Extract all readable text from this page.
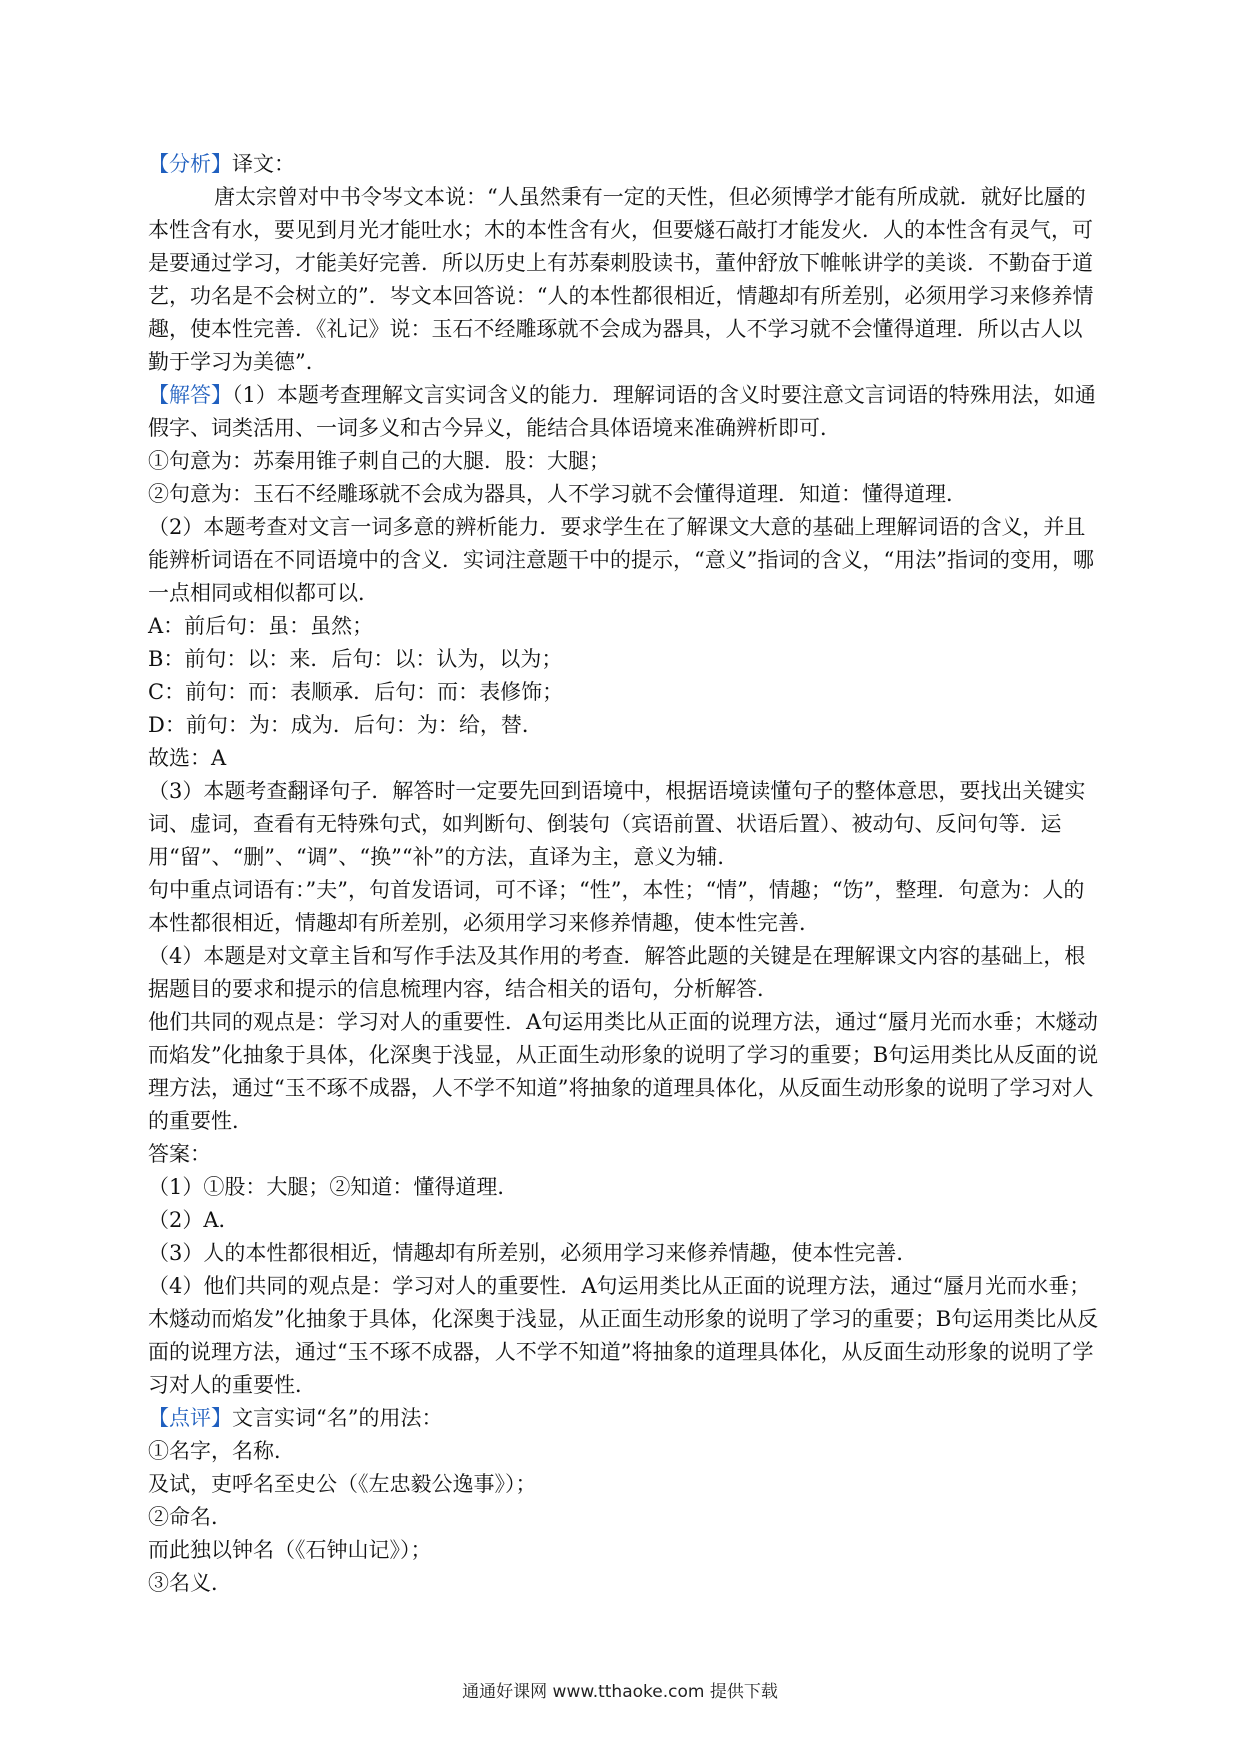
【分析】译文：

唐太宗曾对中书令岑文本说：“人虽然秉有一定的天性，但必须博学才能有所成就．就好比蜃的本性含有水，要见到月光才能吐水；木的本性含有火，但要燧石敲打才能发火．人的本性含有灵气，可是要通过学习，才能美好完善．所以历史上有苏秦刺股读书，董仲舒放下帷帐讲学的美谈．不勤奋于道艺，功名是不会树立的”．岑文本回答说：“人的本性都很相近，情趣却有所差别，必须用学习来修养情趣，使本性完善．《礼记》说：玉石不经雕琢就不会成为器具，人不学习就不会懂得道理．所以古人以勤于学习为美德”．

【解答】（1）本题考查理解文言实词含义的能力．理解词语的含义时要注意文言词语的特殊用法，如通假字、词类活用、一词多义和古今异义，能结合具体语境来准确辨析即可．

①句意为：苏秦用锥子刺自己的大腿．股：大腿；

②句意为：玉石不经雕琢就不会成为器具，人不学习就不会懂得道理．知道：懂得道理．

（2）本题考查对文言一词多意的辨析能力．要求学生在了解课文大意的基础上理解词语的含义，并且能辨析词语在不同语境中的含义．实词注意题干中的提示，“意义”指词的含义，“用法”指词的变用，哪一点相同或相似都可以．

A：前后句：虽：虽然；

B：前句：以：来．后句：以：认为，以为；

C：前句：而：表顺承．后句：而：表修饰；

D：前句：为：成为．后句：为：给，替．

故选：A

（3）本题考查翻译句子．解答时一定要先回到语境中，根据语境读懂句子的整体意思，要找出关键实词、虚词，查看有无特殊句式，如判断句、倒装句（宾语前置、状语后置）、被动句、反问句等．运用“留”、“删”、“调”、“换”“补”的方法，直译为主，意义为辅．

句中重点词语有：”夫”，句首发语词，可不译；“性”，本性；“情”，情趣；“饬”，整理．句意为：人的本性都很相近，情趣却有所差别，必须用学习来修养情趣，使本性完善．

（4）本题是对文章主旨和写作手法及其作用的考查．解答此题的关键是在理解课文内容的基础上，根据题目的要求和提示的信息梳理内容，结合相关的语句，分析解答．

他们共同的观点是：学习对人的重要性．A句运用类比从正面的说理方法，通过“蜃月光而水垂；木燧动而焰发”化抽象于具体，化深奥于浅显，从正面生动形象的说明了学习的重要；B句运用类比从反面的说理方法，通过“玉不琢不成器，人不学不知道”将抽象的道理具体化，从反面生动形象的说明了学习对人的重要性．

答案：

（1）①股：大腿；②知道：懂得道理．

（2）A．

（3）人的本性都很相近，情趣却有所差别，必须用学习来修养情趣，使本性完善．

（4）他们共同的观点是：学习对人的重要性．A句运用类比从正面的说理方法，通过“蜃月光而水垂；木燧动而焰发”化抽象于具体，化深奥于浅显，从正面生动形象的说明了学习的重要；B句运用类比从反面的说理方法，通过“玉不琢不成器，人不学不知道”将抽象的道理具体化，从反面生动形象的说明了学习对人的重要性．

【点评】文言实词“名”的用法：

①名字，名称．

及试，吏呼名至史公（《左忠毅公逸事》）；

②命名．

而此独以钟名（《石钟山记》）；

③名义．

通通好课网 www.tthaoke.com 提供下载
